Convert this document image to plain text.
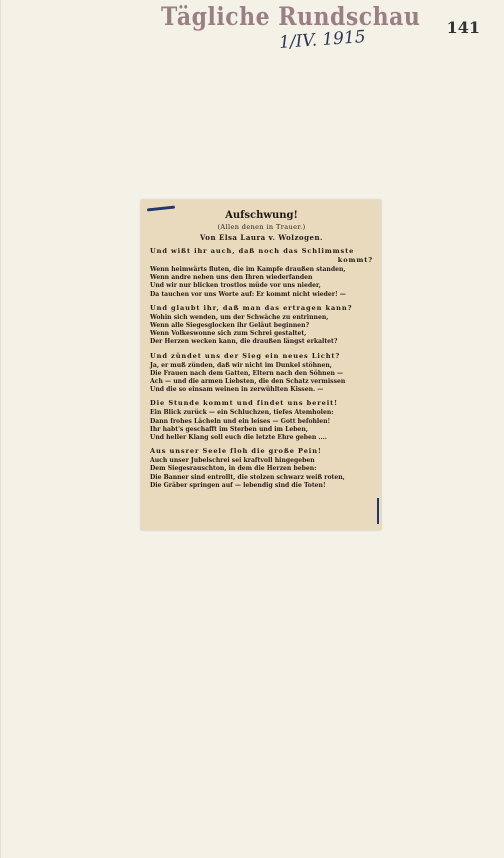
Tägliche Rundschau
1/IV. 1915	141
Aufschwung!
(Allen denen in Trauer.)
Von Elsa Laura v. Wolzogen.
Und wißt ihr auch, daß noch das Schlimmste
kommt?
Wenn heimwärts fluten, die im Kampfe draußen standen,
Wenn andre neben uns den Ihren wiederfanden
Und wir nur blicken trostlos müde vor uns nieder,
Da tauchen vor uns Worte auf: Er kommt nicht wieder! —
Und glaubt ihr, daß man das ertragen kann?
Wohin sich wenden, um der Schwäche zu entrinnen,
Wenn alle Siegesglocken ihr Geläut beginnen?
Wenn Volkeswonne sich zum Schrei gestaltet,
Der Herzen wecken kann, die draußen längst erkaltet?
Und zündet uns der Sieg ein neues Licht?
Ja, er muß zünden, daß wir nicht im Dunkel stöhnen,
Die Frauen nach dem Gatten, Eltern nach den Söhnen —
Ach — und die armen Liebsten, die den Schatz vermissen
Und die so einsam weinen in zerwühlten Kissen. —
Die Stunde kommt und findet uns bereit!
Ein Blick zurück — ein Schluchzen, tiefes Atemholen:
Dann frohes Lächeln und ein leises — Gott befohlen!
Ihr habt's geschafft im Sterben und im Leben,
Und heller Klang soll euch die letzte Ehre geben ....
Aus unsrer Seele floh die große Pein!
Auch unser Jubelschrei sei kraftvoll hingegeben
Dem Siegesrauschton, in dem die Herzen beben:
Die Banner sind entrollt, die stolzen schwarz weiß roten,
Die Gräber springen auf — lebendig sind die Toten!
